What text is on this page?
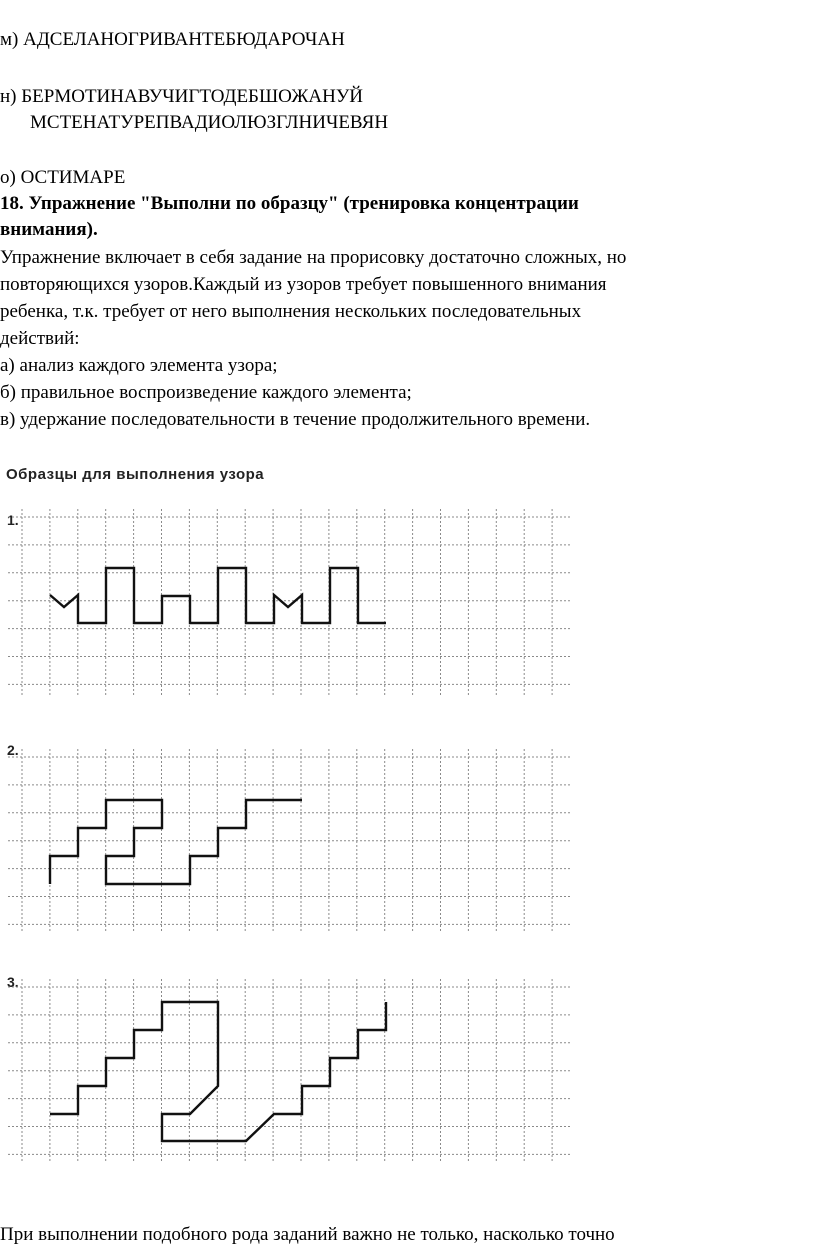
м) АДСЕЛАНОГРИВАНТЕБЮДАРОЧАН

н) БЕРМОТИНАВУЧИГТОДЕБШОЖАНУЙ

МСТЕНАТУРЕПВАДИОЛЮЗГЛНИЧЕВЯН

о) ОСТИМАРЕ

18. Упражнение "Выполни по образцу" (тренировка концентрации

внимания).

Упражнение включает в себя задание на прорисовку достаточно сложных, но

повторяющихся узоров.Каждый из узоров требует повышенного внимания

ребенка, т.к. требует от него выполнения нескольких последовательных

действий:

а) анализ каждого элемента узора;

б) правильное воспроизведение каждого элемента;

в) удержание последовательности в течение продолжительного времени.

Образцы для выполнения узора
1.
2.
3.

При выполнении подобного рода заданий важно не только, насколько точно
